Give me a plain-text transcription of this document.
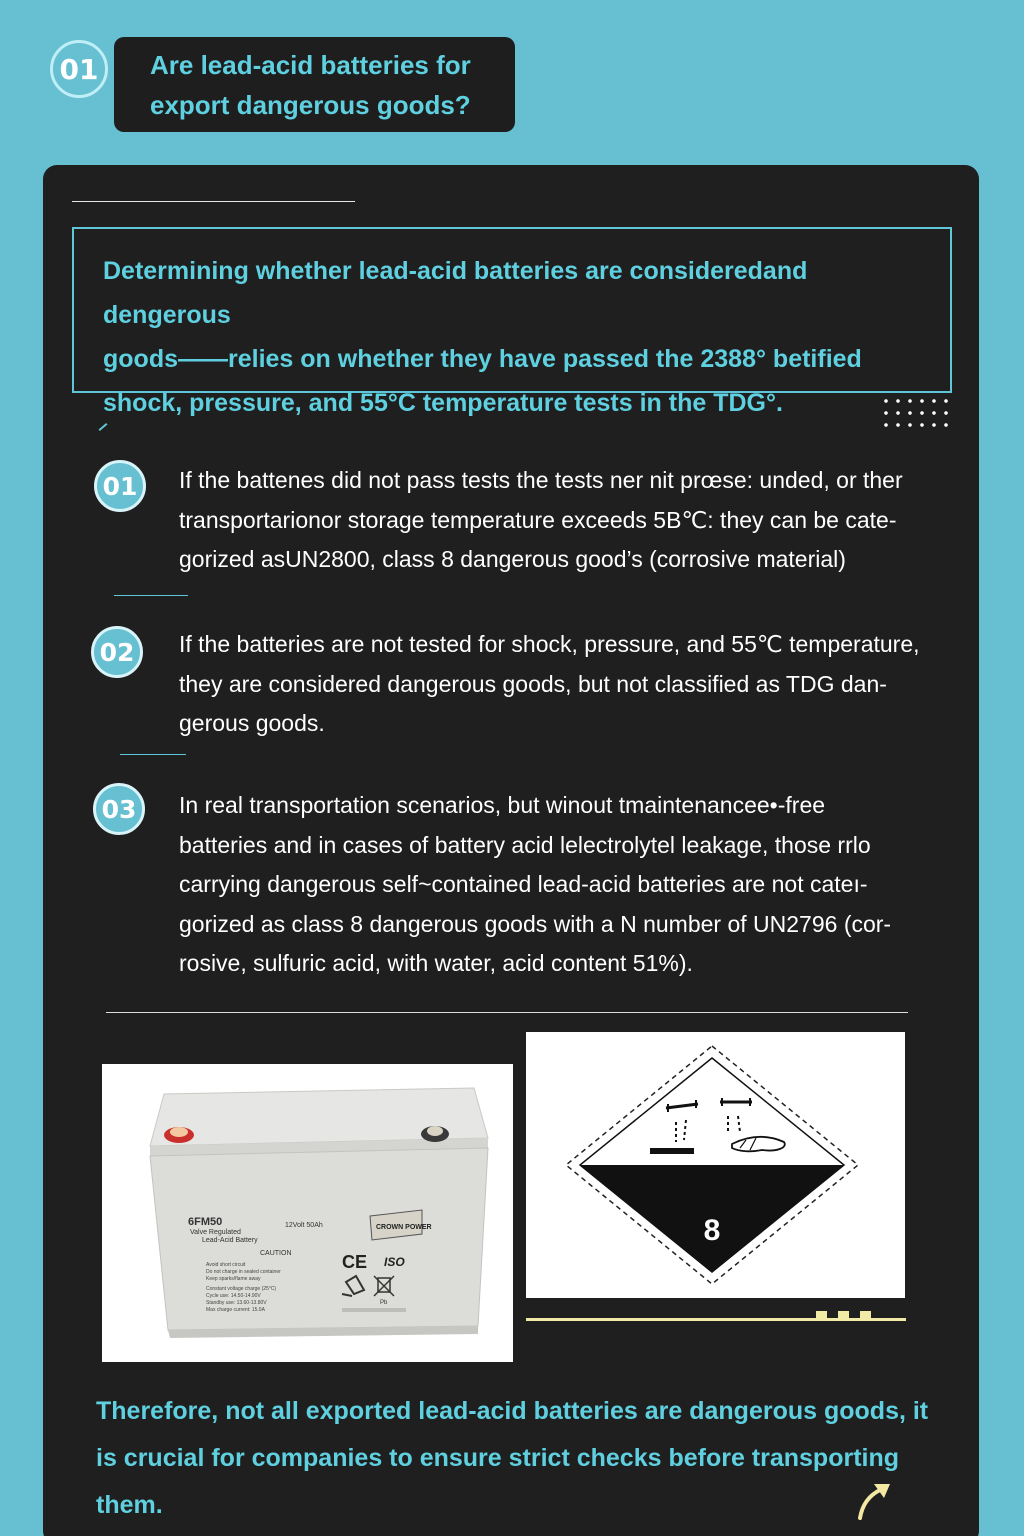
01	Are lead-acid batteries for
export dangerous goods?
Determining whether lead-acid batteries are consideredand dengerous
goods——relies on whether they have passed the 2388° betified
shock, pressure, and 55°C temperature tests in the TDG°.
01	If the battenes did not pass tests the tests ner nit prœse: unded, or ther
transportarionor storage temperature exceeds 5B℃: they can be cate-
gorized asUN2800, class 8 dangerous good’s (corrosive material)
02	If the batteries are not tested for shock, pressure, and 55℃ temperature,
they are considered dangerous goods, but not classified as TDG dan-
gerous goods.
03	In real transportation scenarios, but winout tmaintenancee•-free
batteries and in cases of battery acid lelectrolytel leakage, those rrlo
carrying dangerous self~contained lead-acid batteries are not cateı-
gorized as class 8 dangerous goods with a N number of UN2796 (cor-
rosive, sulfuric acid, with water, acid content 51%).
6FM50	12Volt 50Ah
Valve Regulated
Lead-Acid Battery
CROWN POWER
CAUTION
Avoid short circuit
Do not charge in sealed container
Keep sparks/flame away
Constant voltage charge (25°C)
Cycle use: 14.50-14.90V
Standby use: 13.60-13.80V
Max charge current: 15.0A
CE ISO
Pb
8
Therefore, not all exported lead-acid batteries are dangerous goods, it
is crucial for companies to ensure strict checks before transporting
them.
